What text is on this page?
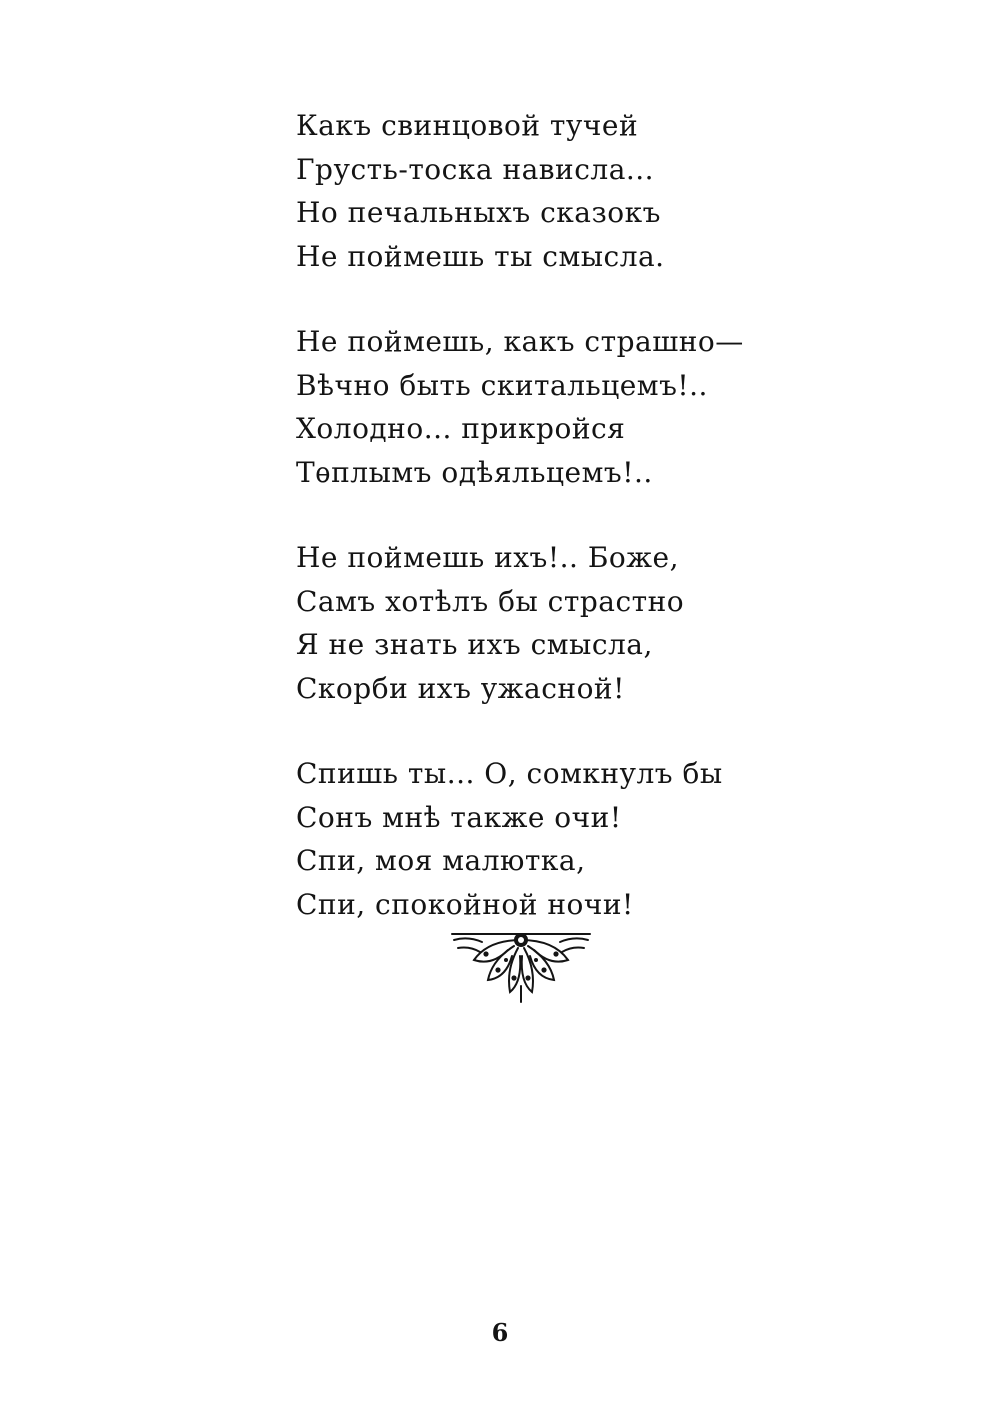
Какъ свинцовой тучей
Грусть-тоска нависла...
Но печальныхъ сказокъ
Не поймешь ты смысла.
Не поймешь, какъ страшно—
Вѣчно быть скитальцемъ!..
Холодно... прикройся
Тѳплымъ одѣяльцемъ!..
Не поймешь ихъ!.. Боже,
Самъ хотѣлъ бы страстно
Я не знать ихъ смысла,
Скорби ихъ ужасной!
Спишь ты... О, сомкнулъ бы
Сонъ мнѣ также очи!
Спи, моя малютка,
Спи, спокойной ночи!
6
